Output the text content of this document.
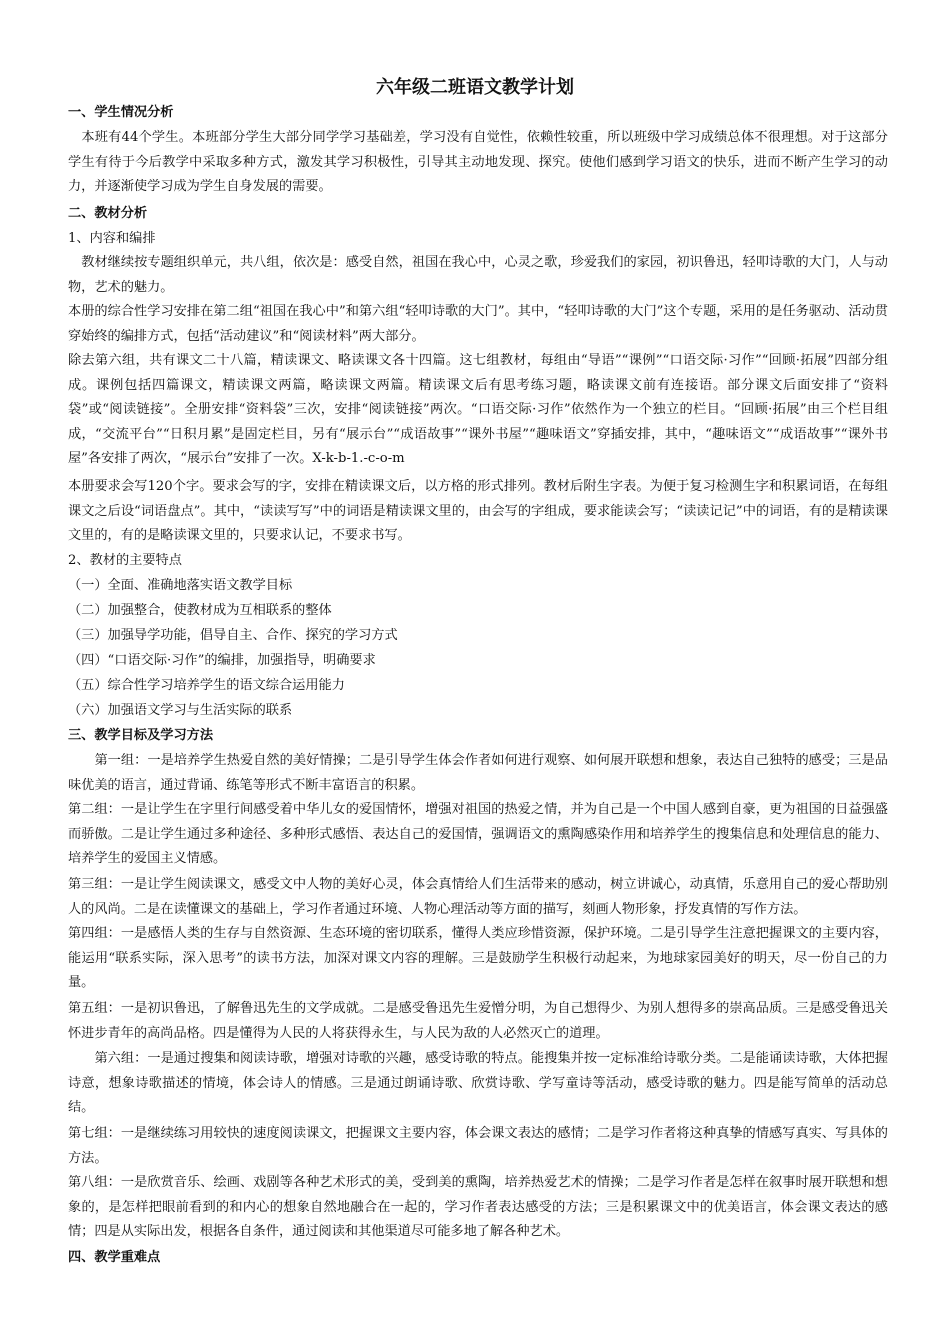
六年级二班语文教学计划
一、学生情况分析

　本班有44个学生。本班部分学生大部分同学学习基础差，学习没有自觉性，依赖性较重，所以班级中学习成绩总体不很理想。对于这部分学生有待于今后教学中采取多种方式，激发其学习积极性，引导其主动地发现、探究。使他们感到学习语文的快乐，进而不断产生学习的动力，并逐渐使学习成为学生自身发展的需要。

二、教材分析
1、内容和编排

　教材继续按专题组织单元，共八组，依次是：感受自然，祖国在我心中，心灵之歌，珍爱我们的家园，初识鲁迅，轻叩诗歌的大门，人与动物，艺术的魅力。

本册的综合性学习安排在第二组“祖国在我心中”和第六组“轻叩诗歌的大门”。其中，“轻叩诗歌的大门”这个专题，采用的是任务驱动、活动贯穿始终的编排方式，包括“活动建议”和“阅读材料”两大部分。

除去第六组，共有课文二十八篇，精读课文、略读课文各十四篇。这七组教材，每组由“导语”“课例”“口语交际·习作”“回顾·拓展”四部分组成。课例包括四篇课文，精读课文两篇，略读课文两篇。精读课文后有思考练习题，略读课文前有连接语。部分课文后面安排了“资料袋”或“阅读链接”。全册安排“资料袋”三次，安排“阅读链接”两次。“口语交际·习作”依然作为一个独立的栏目。“回顾·拓展”由三个栏目组成，“交流平台”“日积月累”是固定栏目，另有“展示台”“成语故事”“课外书屋”“趣味语文”穿插安排，其中，“趣味语文”“成语故事”“课外书屋”各安排了两次，“展示台”安排了一次。X-k-b-1.-c-o-m

本册要求会写120个字。要求会写的字，安排在精读课文后，以方格的形式排列。教材后附生字表。为便于复习检测生字和积累词语，在每组课文之后设“词语盘点”。其中，“读读写写”中的词语是精读课文里的，由会写的字组成，要求能读会写；“读读记记”中的词语，有的是精读课文里的，有的是略读课文里的，只要求认记，不要求书写。

2、教材的主要特点
（一）全面、准确地落实语文教学目标
（二）加强整合，使教材成为互相联系的整体
（三）加强导学功能，倡导自主、合作、探究的学习方式
（四）“口语交际·习作”的编排，加强指导，明确要求
（五）综合性学习培养学生的语文综合运用能力
（六）加强语文学习与生活实际的联系
三、教学目标及学习方法

　　第一组：一是培养学生热爱自然的美好情操；二是引导学生体会作者如何进行观察、如何展开联想和想象，表达自己独特的感受；三是品味优美的语言，通过背诵、练笔等形式不断丰富语言的积累。

第二组：一是让学生在字里行间感受着中华儿女的爱国情怀，增强对祖国的热爱之情，并为自己是一个中国人感到自豪，更为祖国的日益强盛而骄傲。二是让学生通过多种途径、多种形式感悟、表达自己的爱国情，强调语文的熏陶感染作用和培养学生的搜集信息和处理信息的能力、培养学生的爱国主义情感。

第三组：一是让学生阅读课文，感受文中人物的美好心灵，体会真情给人们生活带来的感动，树立讲诚心，动真情，乐意用自己的爱心帮助别人的风尚。二是在读懂课文的基础上，学习作者通过环境、人物心理活动等方面的描写，刻画人物形象，抒发真情的写作方法。

第四组：一是感悟人类的生存与自然资源、生态环境的密切联系，懂得人类应珍惜资源，保护环境。二是引导学生注意把握课文的主要内容，能运用“联系实际，深入思考”的读书方法，加深对课文内容的理解。三是鼓励学生积极行动起来，为地球家园美好的明天，尽一份自己的力量。

第五组：一是初识鲁迅，了解鲁迅先生的文学成就。二是感受鲁迅先生爱憎分明，为自己想得少、为别人想得多的崇高品质。三是感受鲁迅关怀进步青年的高尚品格。四是懂得为人民的人将获得永生，与人民为敌的人必然灭亡的道理。

　　第六组：一是通过搜集和阅读诗歌，增强对诗歌的兴趣，感受诗歌的特点。能搜集并按一定标准给诗歌分类。二是能诵读诗歌，大体把握诗意，想象诗歌描述的情境，体会诗人的情感。三是通过朗诵诗歌、欣赏诗歌、学写童诗等活动，感受诗歌的魅力。四是能写简单的活动总结。

第七组：一是继续练习用较快的速度阅读课文，把握课文主要内容，体会课文表达的感情；二是学习作者将这种真挚的情感写真实、写具体的方法。

第八组：一是欣赏音乐、绘画、戏剧等各种艺术形式的美，受到美的熏陶，培养热爱艺术的情操；二是学习作者是怎样在叙事时展开联想和想象的，是怎样把眼前看到的和内心的想象自然地融合在一起的，学习作者表达感受的方法；三是积累课文中的优美语言，体会课文表达的感情；四是从实际出发，根据各自条件，通过阅读和其他渠道尽可能多地了解各种艺术。

四、教学重难点
